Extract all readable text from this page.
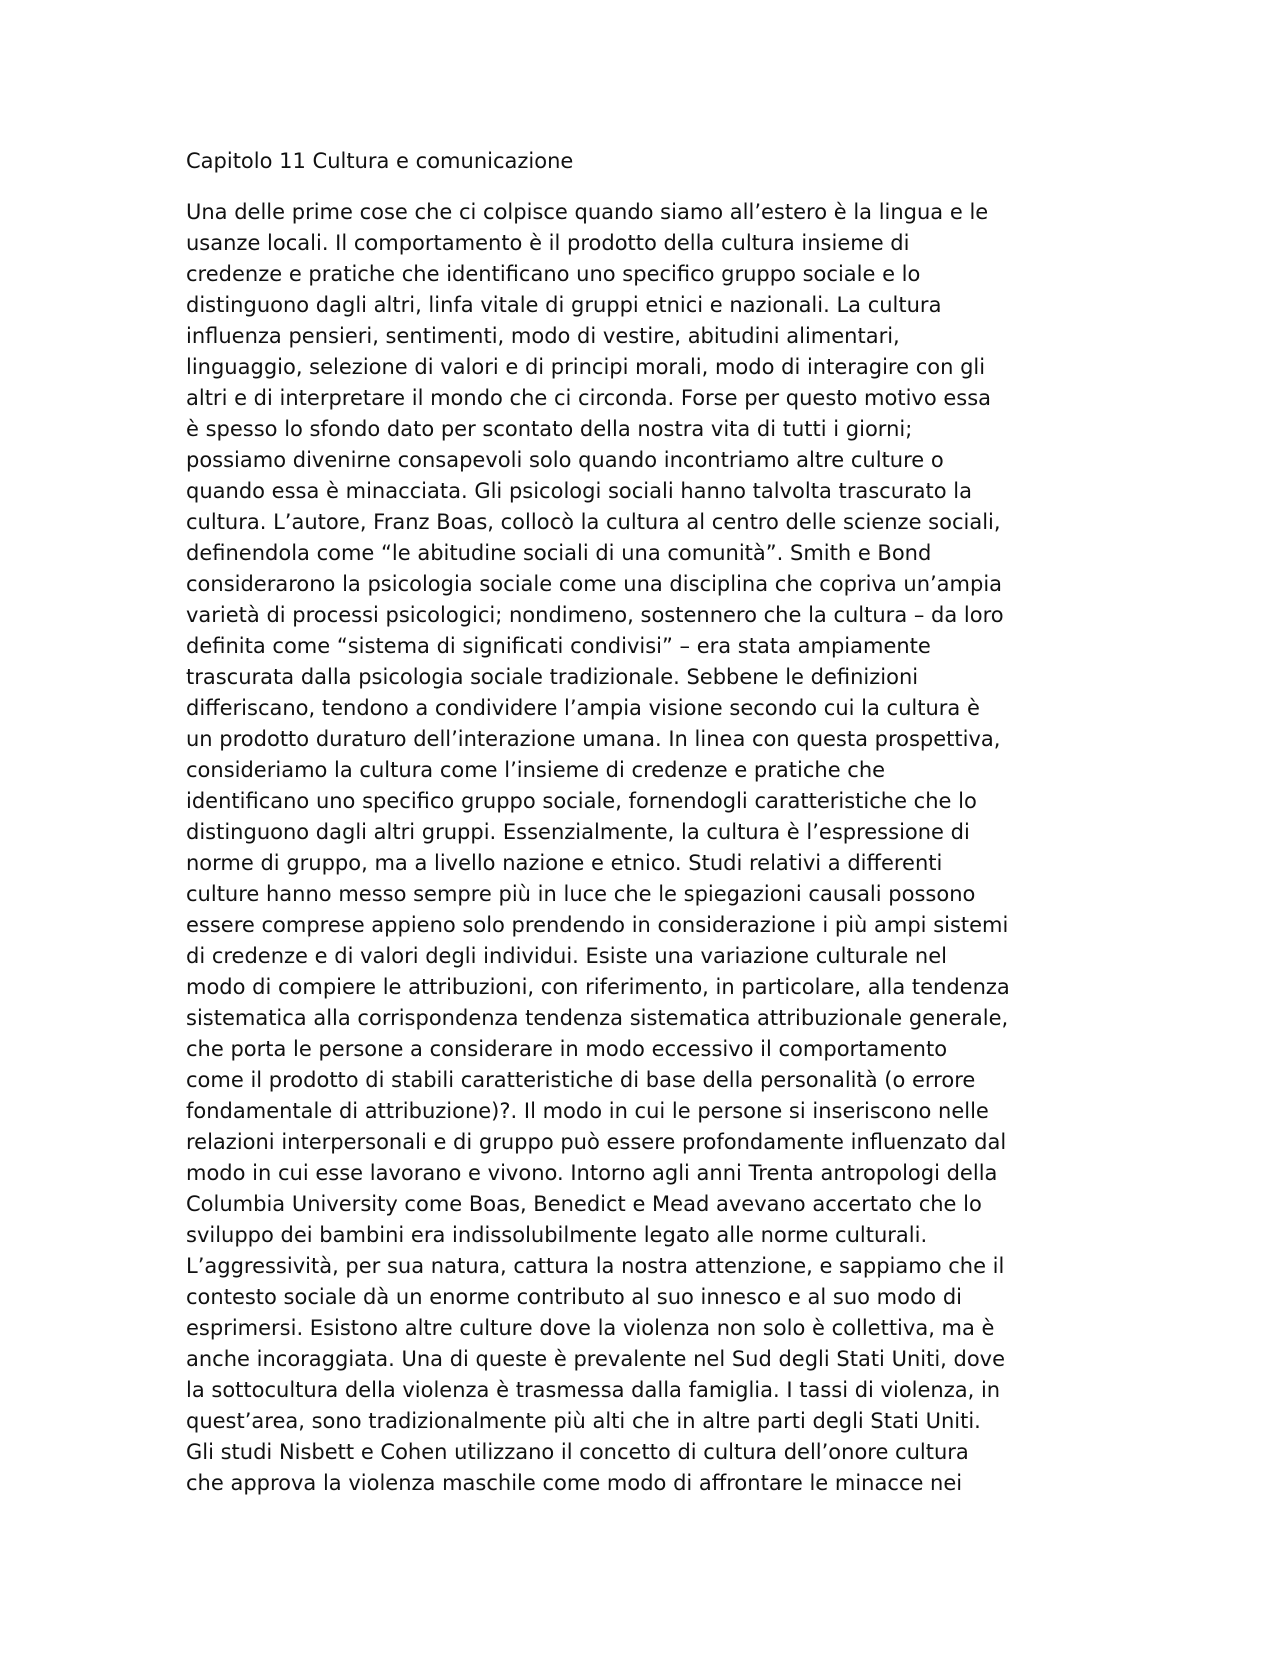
Capitolo 11 Cultura e comunicazione

Una delle prime cose che ci colpisce quando siamo all’estero è la lingua e le
usanze locali. Il comportamento è il prodotto della cultura insieme di
credenze e pratiche che identificano uno specifico gruppo sociale e lo
distinguono dagli altri, linfa vitale di gruppi etnici e nazionali. La cultura
influenza pensieri, sentimenti, modo di vestire, abitudini alimentari,
linguaggio, selezione di valori e di principi morali, modo di interagire con gli
altri e di interpretare il mondo che ci circonda. Forse per questo motivo essa
è spesso lo sfondo dato per scontato della nostra vita di tutti i giorni;
possiamo divenirne consapevoli solo quando incontriamo altre culture o
quando essa è minacciata. Gli psicologi sociali hanno talvolta trascurato la
cultura. L’autore, Franz Boas, collocò la cultura al centro delle scienze sociali,
definendola come “le abitudine sociali di una comunità”. Smith e Bond
considerarono la psicologia sociale come una disciplina che copriva un’ampia
varietà di processi psicologici; nondimeno, sostennero che la cultura – da loro
definita come “sistema di significati condivisi” – era stata ampiamente
trascurata dalla psicologia sociale tradizionale. Sebbene le definizioni
differiscano, tendono a condividere l’ampia visione secondo cui la cultura è
un prodotto duraturo dell’interazione umana. In linea con questa prospettiva,
consideriamo la cultura come l’insieme di credenze e pratiche che
identificano uno specifico gruppo sociale, fornendogli caratteristiche che lo
distinguono dagli altri gruppi. Essenzialmente, la cultura è l’espressione di
norme di gruppo, ma a livello nazione e etnico. Studi relativi a differenti
culture hanno messo sempre più in luce che le spiegazioni causali possono
essere comprese appieno solo prendendo in considerazione i più ampi sistemi
di credenze e di valori degli individui. Esiste una variazione culturale nel
modo di compiere le attribuzioni, con riferimento, in particolare, alla tendenza
sistematica alla corrispondenza tendenza sistematica attribuzionale generale,
che porta le persone a considerare in modo eccessivo il comportamento
come il prodotto di stabili caratteristiche di base della personalità (o errore
fondamentale di attribuzione)?. Il modo in cui le persone si inseriscono nelle
relazioni interpersonali e di gruppo può essere profondamente influenzato dal
modo in cui esse lavorano e vivono. Intorno agli anni Trenta antropologi della
Columbia University come Boas, Benedict e Mead avevano accertato che lo
sviluppo dei bambini era indissolubilmente legato alle norme culturali.
L’aggressività, per sua natura, cattura la nostra attenzione, e sappiamo che il
contesto sociale dà un enorme contributo al suo innesco e al suo modo di
esprimersi. Esistono altre culture dove la violenza non solo è collettiva, ma è
anche incoraggiata. Una di queste è prevalente nel Sud degli Stati Uniti, dove
la sottocultura della violenza è trasmessa dalla famiglia. I tassi di violenza, in
quest’area, sono tradizionalmente più alti che in altre parti degli Stati Uniti.
Gli studi Nisbett e Cohen utilizzano il concetto di cultura dell’onore cultura
che approva la violenza maschile come modo di affrontare le minacce nei
